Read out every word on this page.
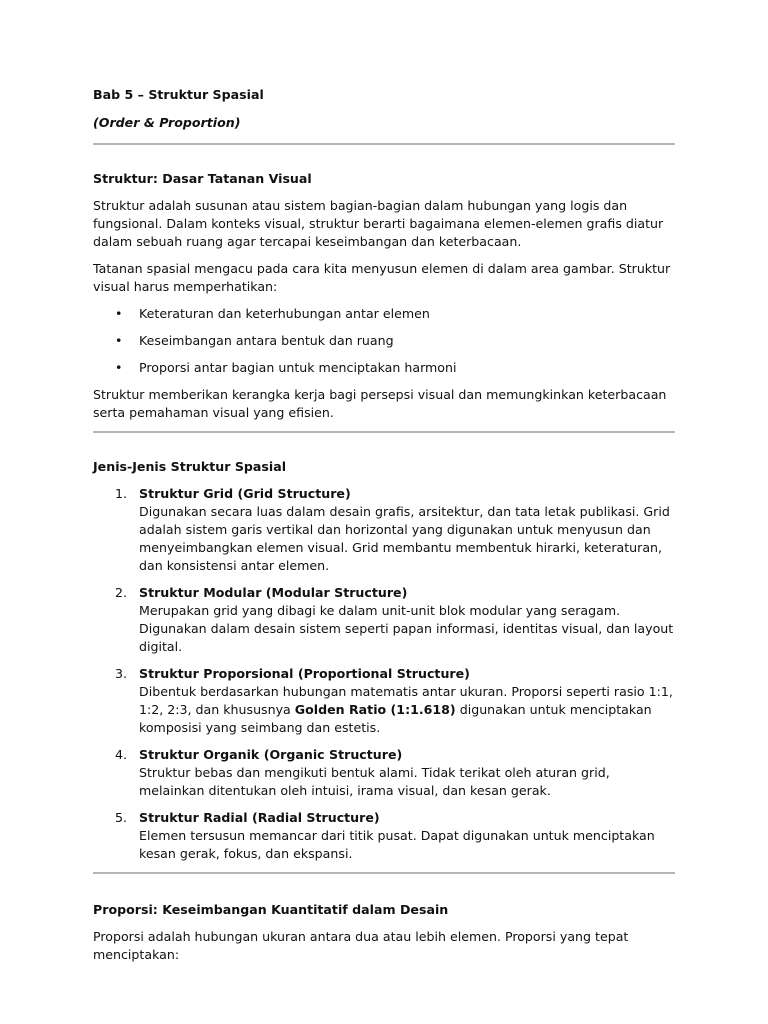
Bab 5 – Struktur Spasial

(Order & Proportion)

Struktur: Dasar Tatanan Visual

Struktur adalah susunan atau sistem bagian-bagian dalam hubungan yang logis dan fungsional. Dalam konteks visual, struktur berarti bagaimana elemen-elemen grafis diatur dalam sebuah ruang agar tercapai keseimbangan dan keterbacaan.

Tatanan spasial mengacu pada cara kita menyusun elemen di dalam area gambar. Struktur visual harus memperhatikan:

• Keteraturan dan keterhubungan antar elemen
• Keseimbangan antara bentuk dan ruang
• Proporsi antar bagian untuk menciptakan harmoni

Struktur memberikan kerangka kerja bagi persepsi visual dan memungkinkan keterbacaan serta pemahaman visual yang efisien.

Jenis-Jenis Struktur Spasial

1. Struktur Grid (Grid Structure)
Digunakan secara luas dalam desain grafis, arsitektur, dan tata letak publikasi. Grid adalah sistem garis vertikal dan horizontal yang digunakan untuk menyusun dan menyeimbangkan elemen visual. Grid membantu membentuk hirarki, keteraturan, dan konsistensi antar elemen.
2. Struktur Modular (Modular Structure)
Merupakan grid yang dibagi ke dalam unit-unit blok modular yang seragam. Digunakan dalam desain sistem seperti papan informasi, identitas visual, dan layout digital.
3. Struktur Proporsional (Proportional Structure)
Dibentuk berdasarkan hubungan matematis antar ukuran. Proporsi seperti rasio 1:1, 1:2, 2:3, dan khususnya Golden Ratio (1:1.618) digunakan untuk menciptakan komposisi yang seimbang dan estetis.
4. Struktur Organik (Organic Structure)
Struktur bebas dan mengikuti bentuk alami. Tidak terikat oleh aturan grid, melainkan ditentukan oleh intuisi, irama visual, dan kesan gerak.
5. Struktur Radial (Radial Structure)
Elemen tersusun memancar dari titik pusat. Dapat digunakan untuk menciptakan kesan gerak, fokus, dan ekspansi.

Proporsi: Keseimbangan Kuantitatif dalam Desain

Proporsi adalah hubungan ukuran antara dua atau lebih elemen. Proporsi yang tepat menciptakan:
